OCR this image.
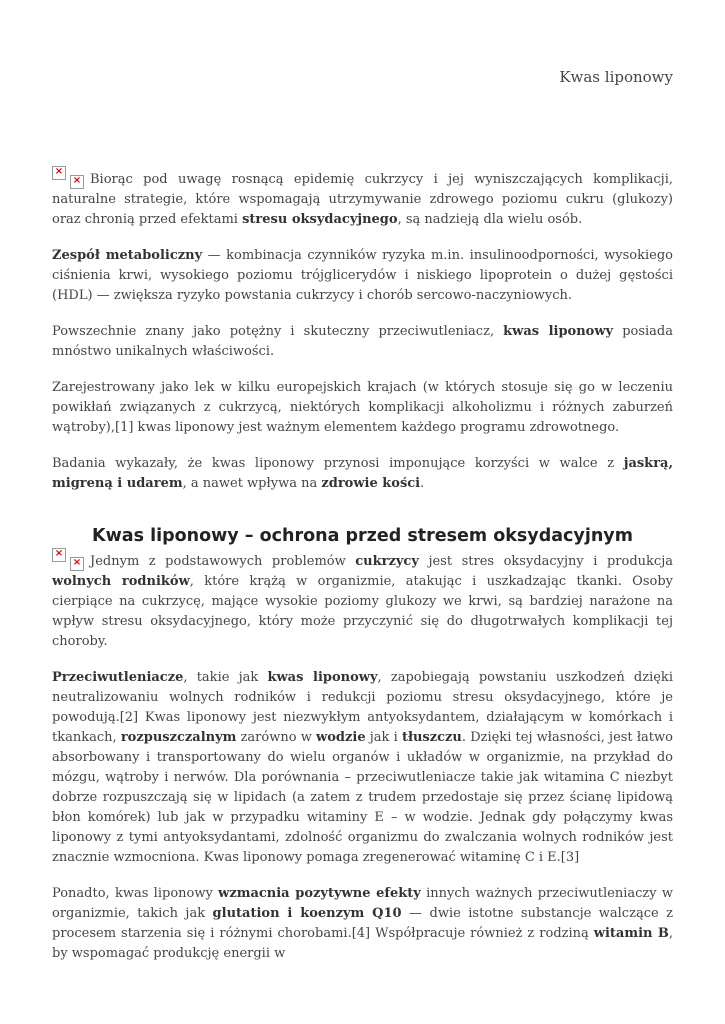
Kwas liponowy

×
× Biorąc pod uwagę rosnącą epidemię cukrzycy i jej wyniszczających komplikacji, naturalne strategie, które wspomagają utrzymywanie zdrowego poziomu cukru (glukozy) oraz chronią przed efektami stresu oksydacyjnego, są nadzieją dla wielu osób.

Zespół metaboliczny — kombinacja czynników ryzyka m.in. insulinoodporności, wysokiego ciśnienia krwi, wysokiego poziomu trójglicerydów i niskiego lipoprotein o dużej gęstości (HDL) — zwiększa ryzyko powstania cukrzycy i chorób sercowo-naczyniowych.

Powszechnie znany jako potężny i skuteczny przeciwutleniacz, kwas liponowy posiada mnóstwo unikalnych właściwości.

Zarejestrowany jako lek w kilku europejskich krajach (w których stosuje się go w leczeniu powikłań związanych z cukrzycą, niektórych komplikacji alkoholizmu i różnych zaburzeń wątroby),[1] kwas liponowy jest ważnym elementem każdego programu zdrowotnego.

Badania wykazały, że kwas liponowy przynosi imponujące korzyści w walce z jaskrą, migreną i udarem, a nawet wpływa na zdrowie kości.

Kwas liponowy – ochrona przed stresem oksydacyjnym

×
× Jednym z podstawowych problemów cukrzycy jest stres oksydacyjny i produkcja wolnych rodników, które krążą w organizmie, atakując i uszkadzając tkanki. Osoby cierpiące na cukrzycę, mające wysokie poziomy glukozy we krwi, są bardziej narażone na wpływ stresu oksydacyjnego, który może przyczynić się do długotrwałych komplikacji tej choroby.

Przeciwutleniacze, takie jak kwas liponowy, zapobiegają powstaniu uszkodzeń dzięki neutralizowaniu wolnych rodników i redukcji poziomu stresu oksydacyjnego, które je powodują.[2] Kwas liponowy jest niezwykłym antyoksydantem, działającym w komórkach i tkankach, rozpuszczalnym zarówno w wodzie jak i tłuszczu. Dzięki tej własności, jest łatwo absorbowany i transportowany do wielu organów i układów w organizmie, na przykład do mózgu, wątroby i nerwów. Dla porównania – przeciwutleniacze takie jak witamina C niezbyt dobrze rozpuszczają się w lipidach (a zatem z trudem przedostaje się przez ścianę lipidową błon komórek) lub jak w przypadku witaminy E – w wodzie. Jednak gdy połączymy kwas liponowy z tymi antyoksydantami, zdolność organizmu do zwalczania wolnych rodników jest znacznie wzmocniona. Kwas liponowy pomaga zregenerować witaminę C i E.[3]

Ponadto, kwas liponowy wzmacnia pozytywne efekty innych ważnych przeciwutleniaczy w organizmie, takich jak glutation i koenzym Q10 — dwie istotne substancje walczące z procesem starzenia się i różnymi chorobami.[4] Współpracuje również z rodziną witamin B, by wspomagać produkcję energii w
